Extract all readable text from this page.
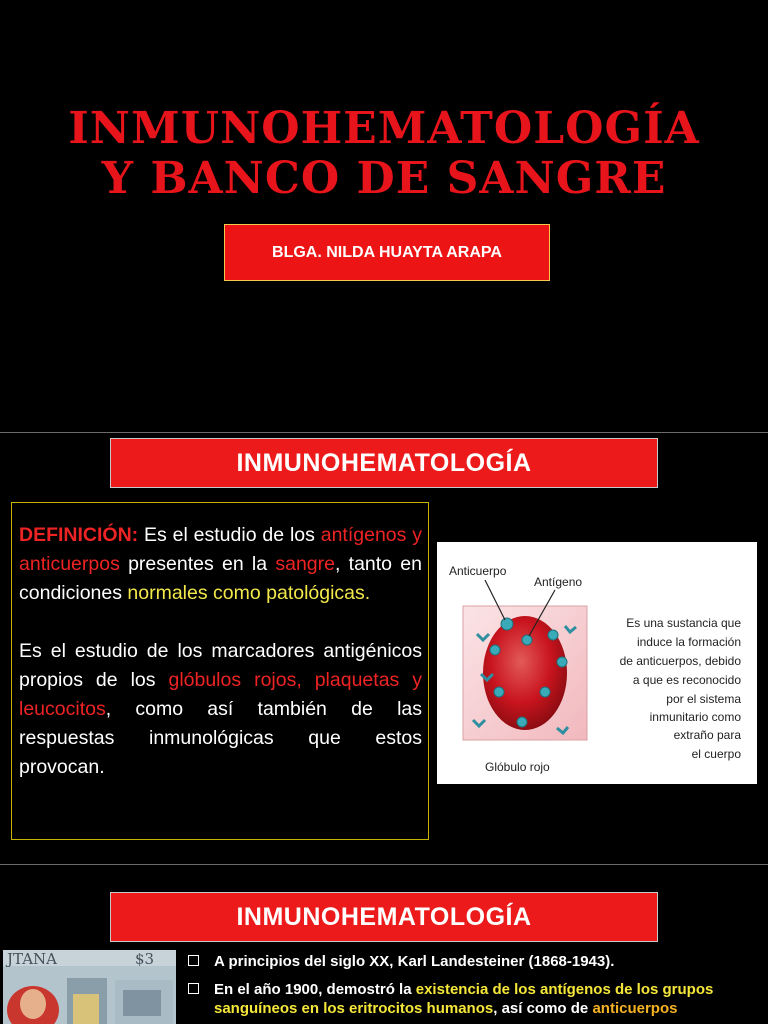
INMUNOHEMATOLOGÍA
Y BANCO DE SANGRE
BLGA. NILDA HUAYTA ARAPA
INMUNOHEMATOLOGÍA

DEFINICIÓN: Es el estudio de los antígenos y anticuerpos presentes en la sangre, tanto en condiciones normales como patológicas.

Es el estudio de los marcadores antigénicos propios de los glóbulos rojos, plaquetas y leucocitos, como así también de las respuestas inmunológicas que estos provocan.

Anticuerpo
Antígeno
Glóbulo rojo
Es una sustancia que
induce la formación
de anticuerpos, debido
a que es reconocido
por el sistema
inmunitario como
extraño para
el cuerpo
INMUNOHEMATOLOGÍA
JTANA	$3	A principios del siglo XX, Karl Landesteiner (1868-1943).
En el año 1900, demostró la existencia de los antígenos de los grupos sanguíneos en los eritrocitos humanos, así como de anticuerpos
